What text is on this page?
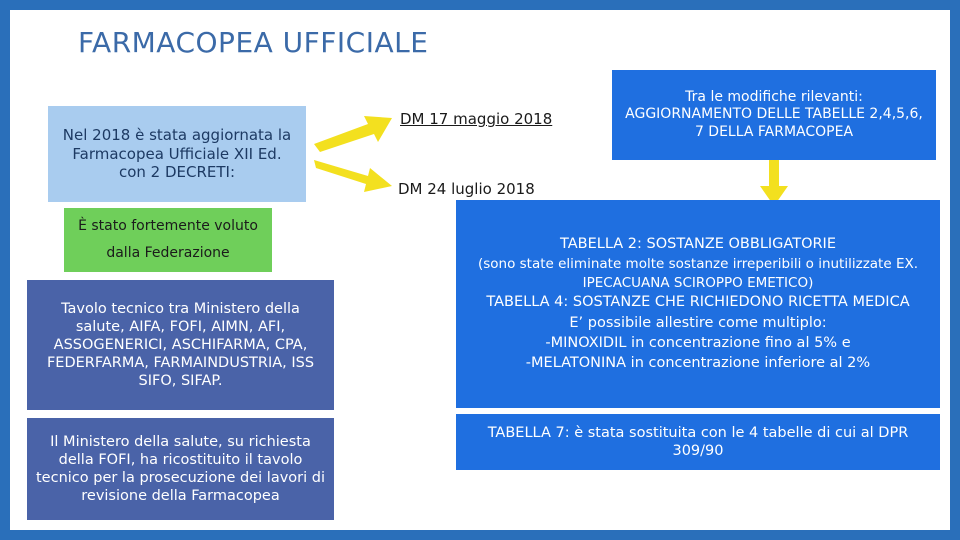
FARMACOPEA UFFICIALE
Nel 2018 è stata aggiornata la Farmacopea Ufficiale XII Ed. con 2 DECRETI:
È stato fortemente voluto dalla Federazione
Tavolo tecnico tra Ministero della salute, AIFA, FOFI, AIMN, AFI, ASSOGENERICI, ASCHIFARMA, CPA, FEDERFARMA, FARMAINDUSTRIA, ISS SIFO, SIFAP.
Il Ministero della salute, su richiesta della FOFI, ha ricostituito il tavolo tecnico per la prosecuzione dei lavori di revisione della Farmacopea
DM 17 maggio 2018
DM 24 luglio 2018
Tra le modifiche rilevanti: AGGIORNAMENTO DELLE TABELLE 2,4,5,6, 7 DELLA FARMACOPEA
TABELLA 2: SOSTANZE OBBLIGATORIE
(sono state eliminate molte sostanze irreperibili o inutilizzate EX. IPECACUANA SCIROPPO EMETICO)
TABELLA 4: SOSTANZE CHE RICHIEDONO RICETTA MEDICA
E’ possibile allestire come multiplo:
-MINOXIDIL in concentrazione fino al 5% e
-MELATONINA in concentrazione inferiore al 2%
TABELLA 7: è stata sostituita con le 4 tabelle di cui al DPR 309/90
